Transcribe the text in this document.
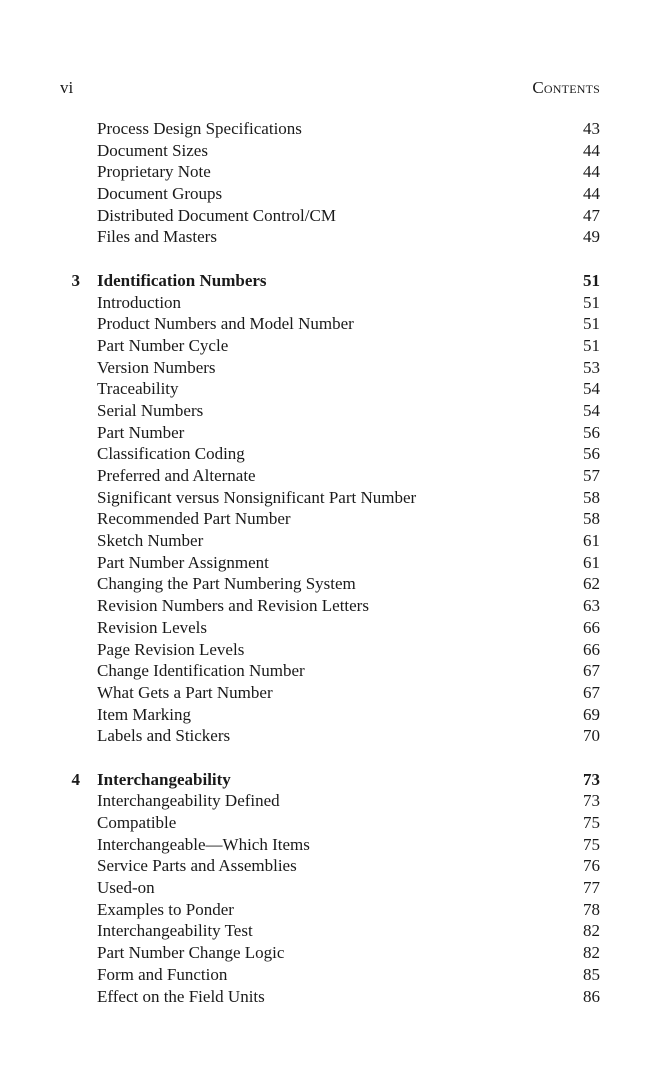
vi	Contents
Process Design Specifications	43
Document Sizes	44
Proprietary Note	44
Document Groups	44
Distributed Document Control/CM	47
Files and Masters	49
3 Identification Numbers	51
Introduction	51
Product Numbers and Model Number	51
Part Number Cycle	51
Version Numbers	53
Traceability	54
Serial Numbers	54
Part Number	56
Classification Coding	56
Preferred and Alternate	57
Significant versus Nonsignificant Part Number	58
Recommended Part Number	58
Sketch Number	61
Part Number Assignment	61
Changing the Part Numbering System	62
Revision Numbers and Revision Letters	63
Revision Levels	66
Page Revision Levels	66
Change Identification Number	67
What Gets a Part Number	67
Item Marking	69
Labels and Stickers	70
4 Interchangeability	73
Interchangeability Defined	73
Compatible	75
Interchangeable—Which Items	75
Service Parts and Assemblies	76
Used-on	77
Examples to Ponder	78
Interchangeability Test	82
Part Number Change Logic	82
Form and Function	85
Effect on the Field Units	86
